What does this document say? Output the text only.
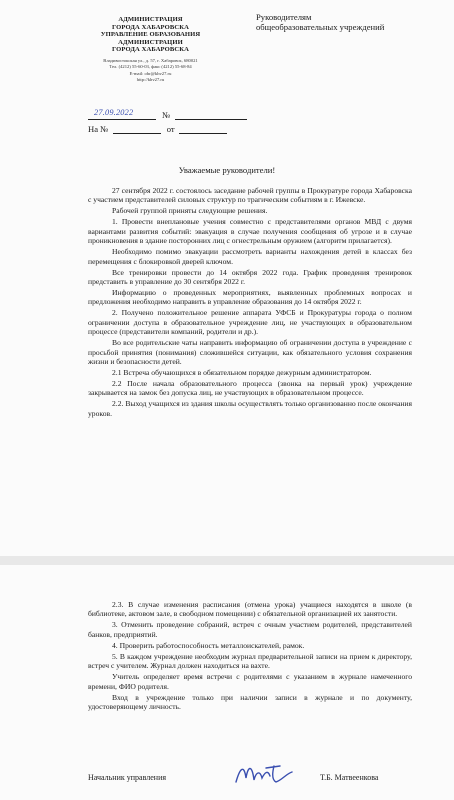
АДМИНИСТРАЦИЯ
ГОРОДА ХАБАРОВСКА
УПРАВЛЕНИЕ ОБРАЗОВАНИЯ
АДМИНИСТРАЦИИ
ГОРОДА ХАБАРОВСКА
Владивостокская ул., д. 57, г. Хабаровск, 680021
Тел. (4212) 55-60-03, факс (4212) 55-68-84
E-mail: obr@khv27.ru
http://khv27.ru
27.09.2022	№
На №	от
Руководителям
общеобразовательных учреждений
Уважаемые руководители!

27 сентября 2022 г. состоялось заседание рабочей группы в Прокуратуре города Хабаровска с участием представителей силовых структур по трагическим событиям в г. Ижевске.

Рабочей группой приняты следующие решения.

1. Провести внеплановые учения совместно с представителями органов МВД с двумя вариантами развития событий: эвакуация в случае получения сообщения об угрозе и в случае проникновения в здание посторонних лиц с огнестрельным оружием (алгоритм прилагается).

Необходимо помимо эвакуации рассмотреть варианты нахождения детей в классах без перемещения с блокировкой дверей ключом.

Все тренировки провести до 14 октября 2022 года. График проведения тренировок представить в управление до 30 сентября 2022 г.

Информацию о проведенных мероприятиях, выявленных проблемных вопросах и предложения необходимо направить в управление образования до 14 октября 2022 г.

2. Получено положительное решение аппарата УФСБ и Прокуратуры города о полном ограничении доступа в образовательное учреждение лиц, не участвующих в образовательном процессе (представители компаний, родители и др.).

Во все родительские чаты направить информацию об ограничении доступа в учреждение с просьбой принятия (понимания) сложившейся ситуации, как обязательного условия сохранения жизни и безопасности детей.

2.1 Встреча обучающихся в обязательном порядке дежурным администратором.

2.2 После начала образовательного процесса (звонка на первый урок) учреждение закрывается на замок без допуска лиц, не участвующих в образовательном процессе.

2.2. Выход учащихся из здания школы осуществлять только организованно после окончания уроков.

2.3. В случае изменения расписания (отмена урока) учащиеся находятся в школе (в библиотеке, актовом зале, в свободном помещении) с обязательной организацией их занятости.

3. Отменить проведение собраний, встреч с очным участием родителей, представителей банков, предприятий.

4. Проверить работоспособность металлоискателей, рамок.

5. В каждом учреждение необходим журнал предварительной записи на прием к директору, встреч с учителем. Журнал должен находиться на вахте.

Учитель определяет время встречи с родителями с указанием в журнале намеченного времени, ФИО родителя.

Вход в учреждение только при наличии записи в журнале и по документу, удостоверяющему личность.

Начальник управления	Т.Б. Матвеенкова
